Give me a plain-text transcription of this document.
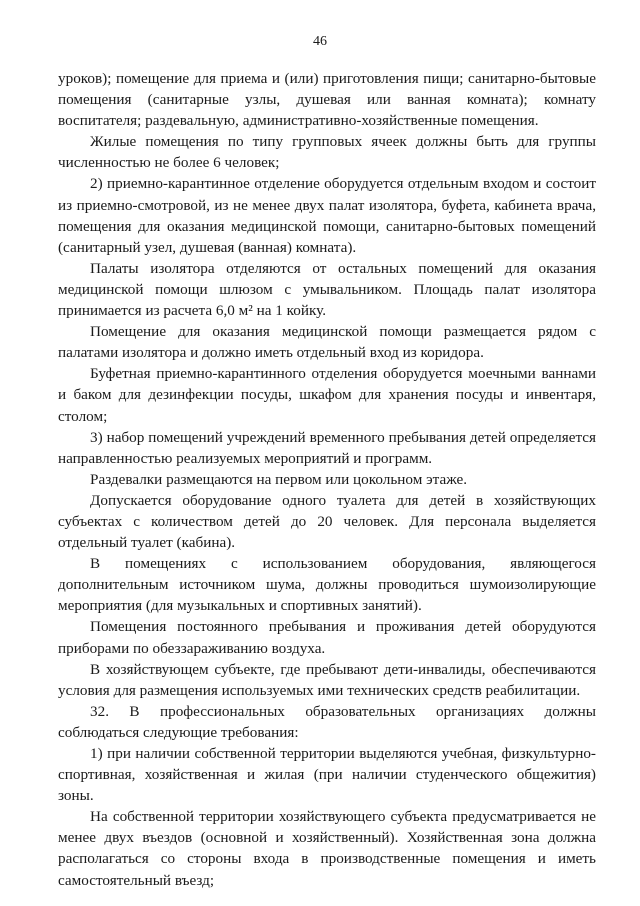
46

уроков); помещение для приема и (или) приготовления пищи; санитарно-бытовые помещения (санитарные узлы, душевая или ванная комната); комнату воспитателя; раздевальную, административно-хозяйственные помещения.

Жилые помещения по типу групповых ячеек должны быть для группы численностью не более 6 человек;

2) приемно-карантинное отделение оборудуется отдельным входом и состоит из приемно-смотровой, из не менее двух палат изолятора, буфета, кабинета врача, помещения для оказания медицинской помощи, санитарно-бытовых помещений (санитарный узел, душевая (ванная) комната).

Палаты изолятора отделяются от остальных помещений для оказания медицинской помощи шлюзом с умывальником. Площадь палат изолятора принимается из расчета 6,0 м² на 1 койку.

Помещение для оказания медицинской помощи размещается рядом с палатами изолятора и должно иметь отдельный вход из коридора.

Буфетная приемно-карантинного отделения оборудуется моечными ваннами и баком для дезинфекции посуды, шкафом для хранения посуды и инвентаря, столом;

3) набор помещений учреждений временного пребывания детей определяется направленностью реализуемых мероприятий и программ.

Раздевалки размещаются на первом или цокольном этаже.

Допускается оборудование одного туалета для детей в хозяйствующих субъектах с количеством детей до 20 человек. Для персонала выделяется отдельный туалет (кабина).

В помещениях с использованием оборудования, являющегося дополнительным источником шума, должны проводиться шумоизолирующие мероприятия (для музыкальных и спортивных занятий).

Помещения постоянного пребывания и проживания детей оборудуются приборами по обеззараживанию воздуха.

В хозяйствующем субъекте, где пребывают дети-инвалиды, обеспечиваются условия для размещения используемых ими технических средств реабилитации.

32. В профессиональных образовательных организациях должны соблюдаться следующие требования:

1) при наличии собственной территории выделяются учебная, физкультурно-спортивная, хозяйственная и жилая (при наличии студенческого общежития) зоны.

На собственной территории хозяйствующего субъекта предусматривается не менее двух въездов (основной и хозяйственный). Хозяйственная зона должна располагаться со стороны входа в производственные помещения и иметь самостоятельный въезд;
